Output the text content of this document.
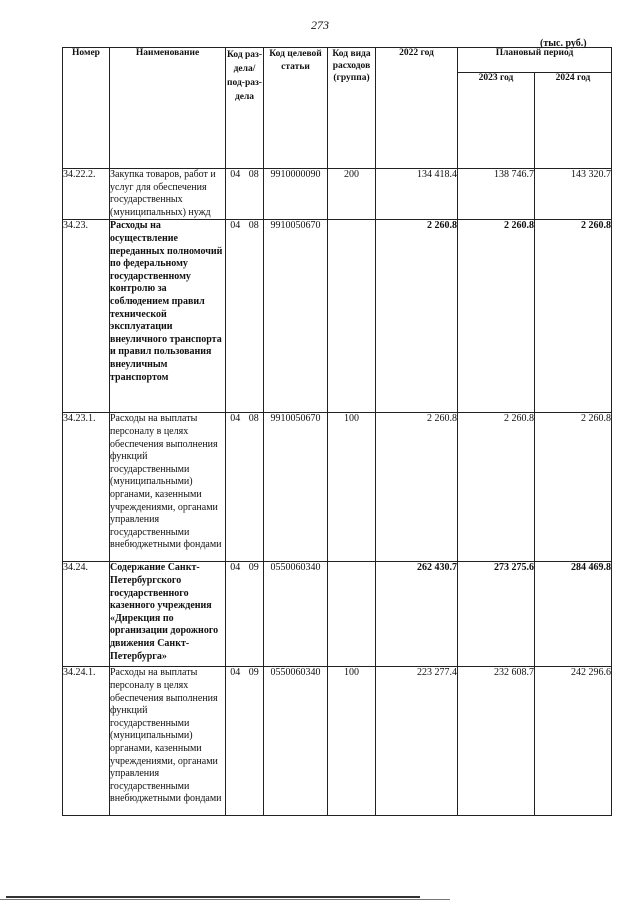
273
(тыс. руб.)
Номер	Наименование	Код раз-дела/ под-раз-дела	Код целевой статьи	Код вида расходов (группа)	2022 год	Плановый период	
						2023 год	2024 год
34.22.2.	Закупка товаров, работ и услуг для обеспечения государственных (муниципальных) нужд	04 08	9910000090	200	134 418.4	138 746.7	143 320.7
34.23.	Расходы на осуществление переданных полномочий по федеральному государственному контролю за соблюдением правил технической эксплуатации внеуличного транспорта и правил пользования внеуличным транспортом	04 08	9910050670		2 260.8	2 260.8	2 260.8
34.23.1.	Расходы на выплаты персоналу в целях обеспечения выполнения функций государственными (муниципальными) органами, казенными учреждениями, органами управления государственными внебюджетными фондами	04 08	9910050670	100	2 260.8	2 260.8	2 260.8
34.24.	Содержание Санкт-Петербургского государственного казенного учреждения «Дирекция по организации дорожного движения Санкт-Петербурга»	04 09	0550060340		262 430.7	273 275.6	284 469.8
34.24.1.	Расходы на выплаты персоналу в целях обеспечения выполнения функций государственными (муниципальными) органами, казенными учреждениями, органами управления государственными внебюджетными фондами	04 09	0550060340	100	223 277.4	232 608.7	242 296.6
